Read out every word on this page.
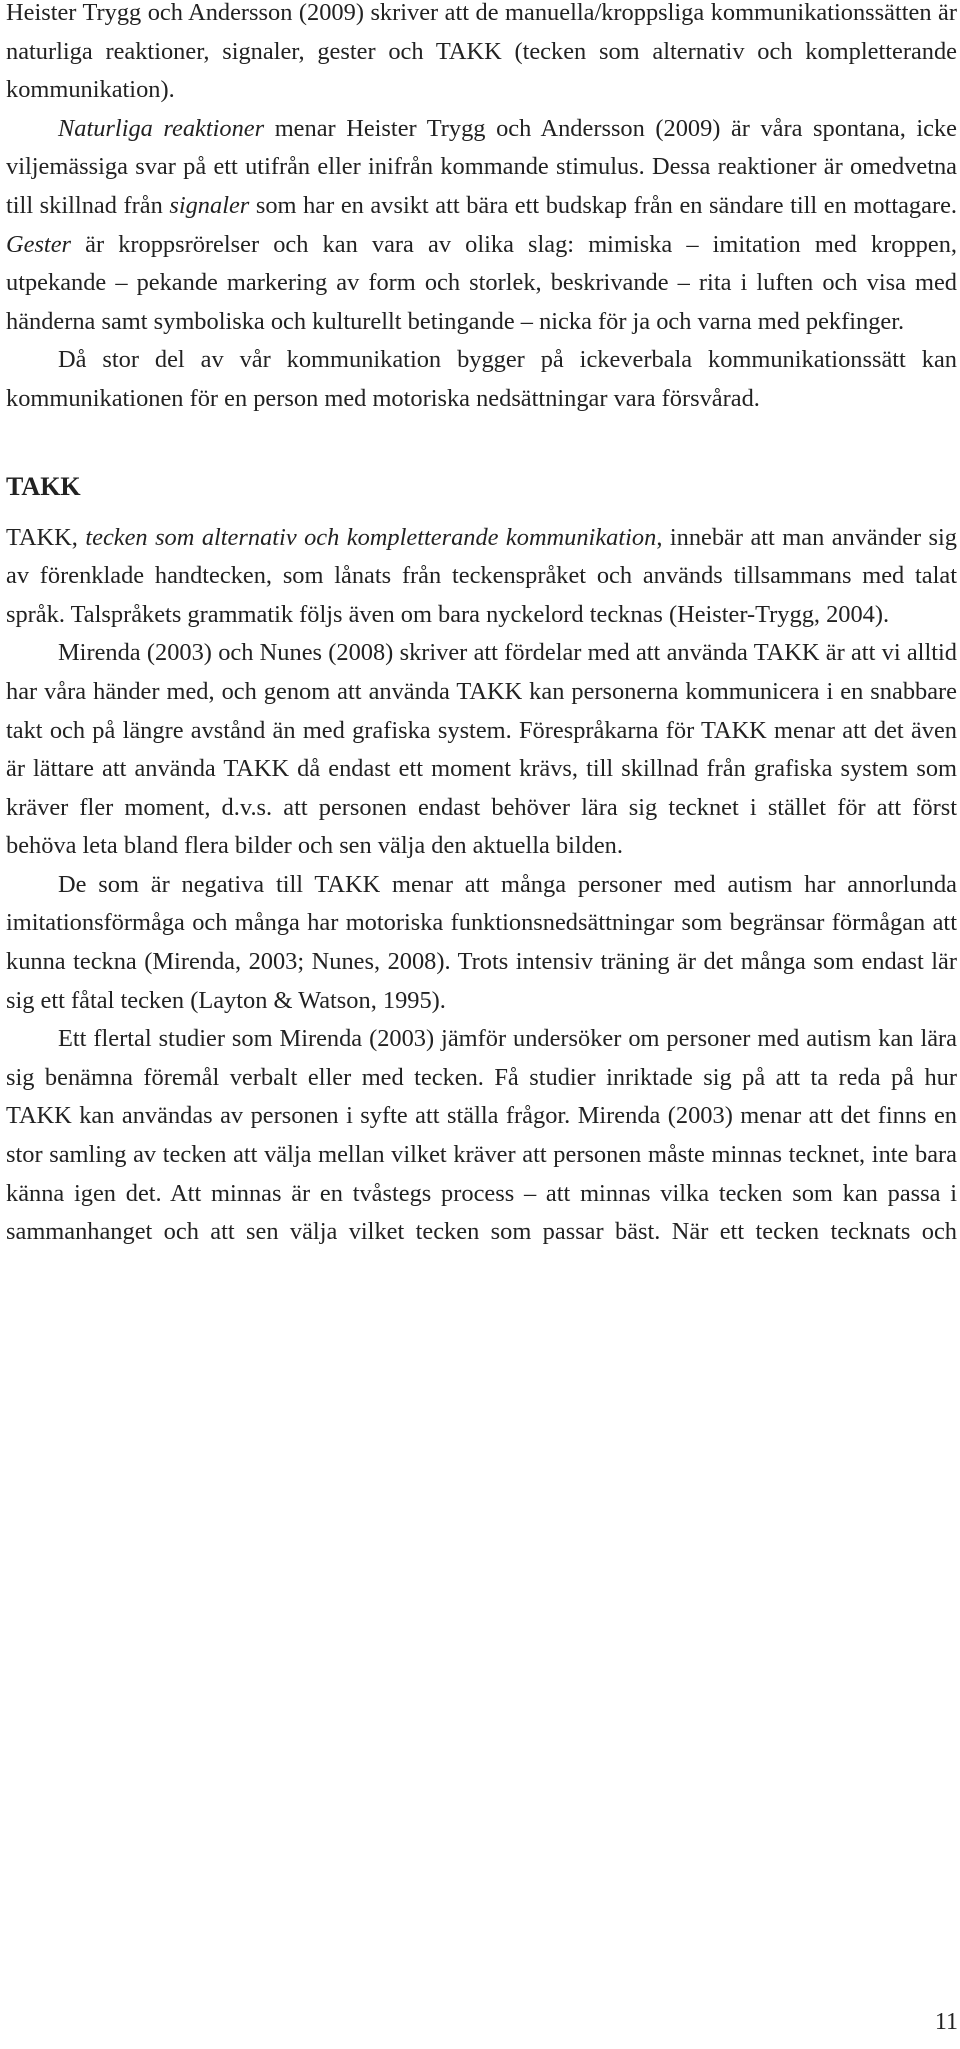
Heister Trygg och Andersson (2009) skriver att de manuella/kroppsliga kommunikationssätten är naturliga reaktioner, signaler, gester och TAKK (tecken som alternativ och kompletterande kommunikation).

Naturliga reaktioner menar Heister Trygg och Andersson (2009) är våra spontana, icke viljemässiga svar på ett utifrån eller inifrån kommande stimulus. Dessa reaktioner är omedvetna till skillnad från signaler som har en avsikt att bära ett budskap från en sändare till en mottagare. Gester är kroppsrörelser och kan vara av olika slag: mimiska – imitation med kroppen, utpekande – pekande markering av form och storlek, beskrivande – rita i luften och visa med händerna samt symboliska och kulturellt betingande – nicka för ja och varna med pekfinger.

Då stor del av vår kommunikation bygger på ickeverbala kommunikationssätt kan kommunikationen för en person med motoriska nedsättningar vara försvårad.

TAKK

TAKK, tecken som alternativ och kompletterande kommunikation, innebär att man använder sig av förenklade handtecken, som lånats från teckenspråket och används tillsammans med talat språk. Talspråkets grammatik följs även om bara nyckelord tecknas (Heister-Trygg, 2004).

Mirenda (2003) och Nunes (2008) skriver att fördelar med att använda TAKK är att vi alltid har våra händer med, och genom att använda TAKK kan personerna kommunicera i en snabbare takt och på längre avstånd än med grafiska system. Förespråkarna för TAKK menar att det även är lättare att använda TAKK då endast ett moment krävs, till skillnad från grafiska system som kräver fler moment, d.v.s. att personen endast behöver lära sig tecknet i stället för att först behöva leta bland flera bilder och sen välja den aktuella bilden.

De som är negativa till TAKK menar att många personer med autism har annorlunda imitationsförmåga och många har motoriska funktionsnedsättningar som begränsar förmågan att kunna teckna (Mirenda, 2003; Nunes, 2008). Trots intensiv träning är det många som endast lär sig ett fåtal tecken (Layton & Watson, 1995).

Ett flertal studier som Mirenda (2003) jämför undersöker om personer med autism kan lära sig benämna föremål verbalt eller med tecken. Få studier inriktade sig på att ta reda på hur TAKK kan användas av personen i syfte att ställa frågor. Mirenda (2003) menar att det finns en stor samling av tecken att välja mellan vilket kräver att personen måste minnas tecknet, inte bara känna igen det. Att minnas är en tvåstegs process – att minnas vilka tecken som kan passa i sammanhanget och att sen välja vilket tecken som passar bäst. När ett tecken tecknats och

11
